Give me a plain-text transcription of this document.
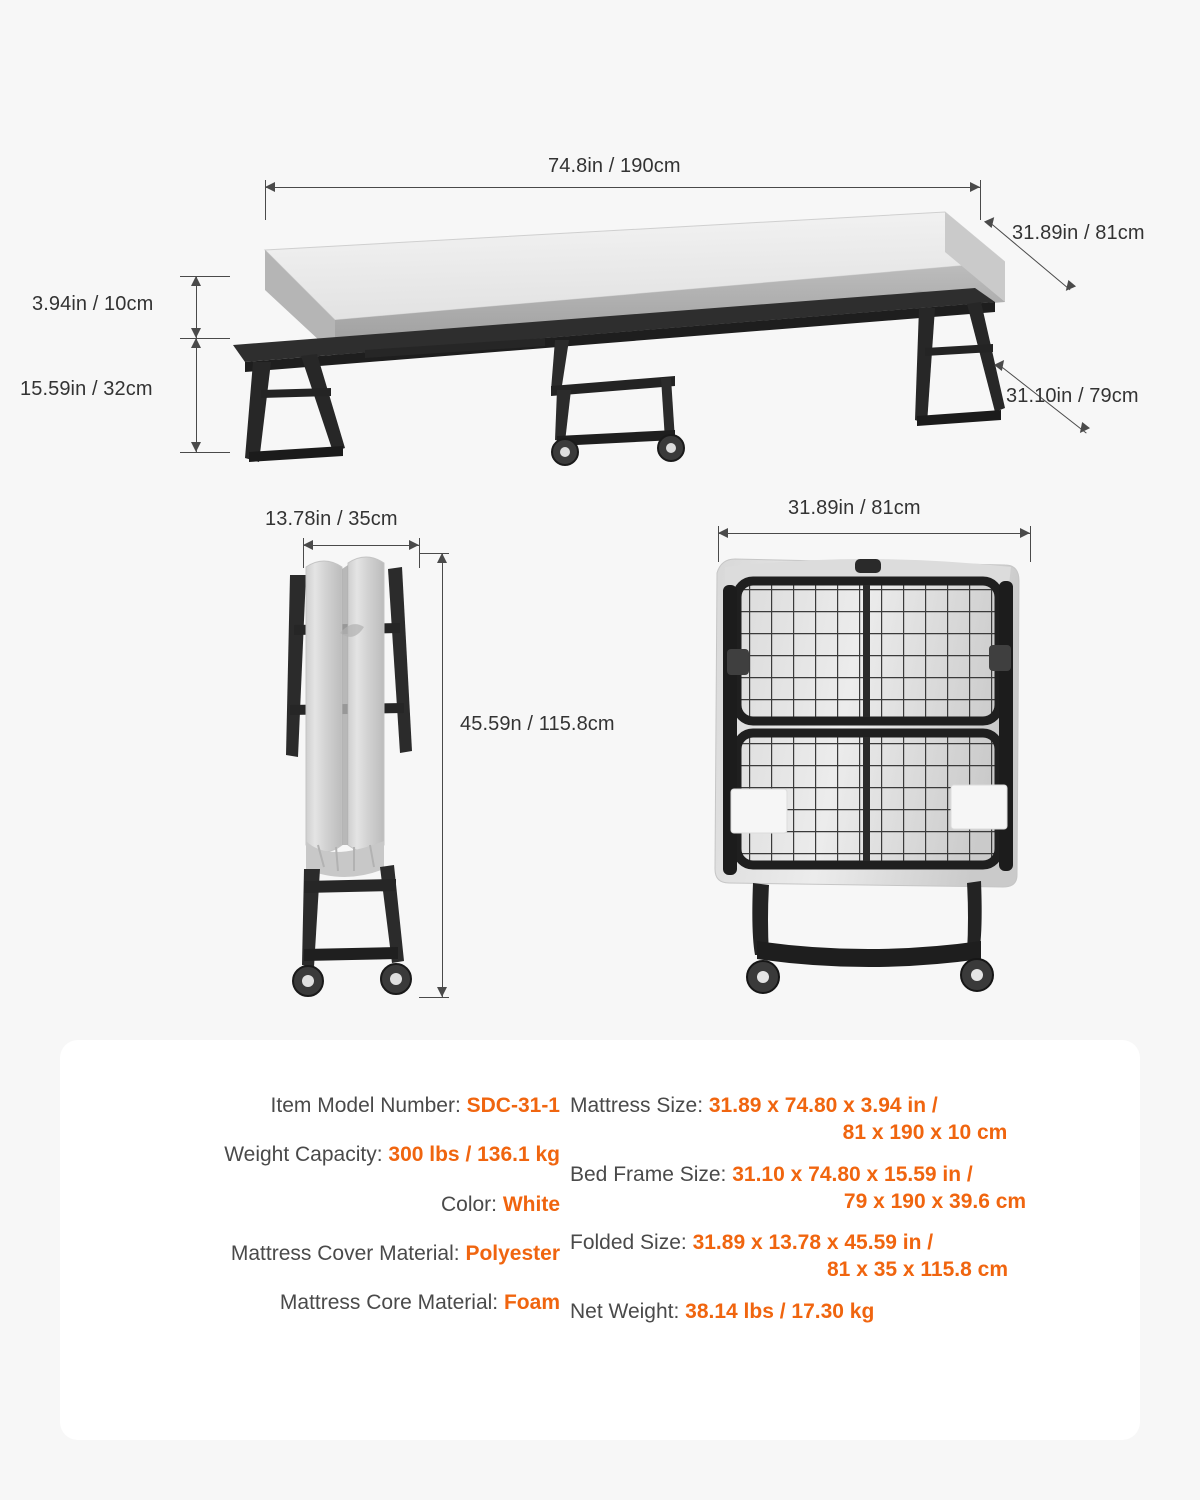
74.8in / 190cm
31.89in / 81cm
31.10in / 79cm
3.94in / 10cm
15.59in / 32cm
13.78in / 35cm
45.59n / 115.8cm
31.89in / 81cm
Item Model Number: SDC-31-1
Weight Capacity: 300 lbs / 136.1 kg
Color: White
Mattress Cover Material: Polyester
Mattress Core Material: Foam
Mattress Size: 31.89 x 74.80 x 3.94 in /
81 x 190 x 10 cm
Bed Frame Size: 31.10 x 74.80 x 15.59 in /
79 x 190 x 39.6 cm
Folded Size: 31.89 x 13.78 x 45.59 in /
81 x 35 x 115.8 cm
Net Weight: 38.14 lbs / 17.30 kg
